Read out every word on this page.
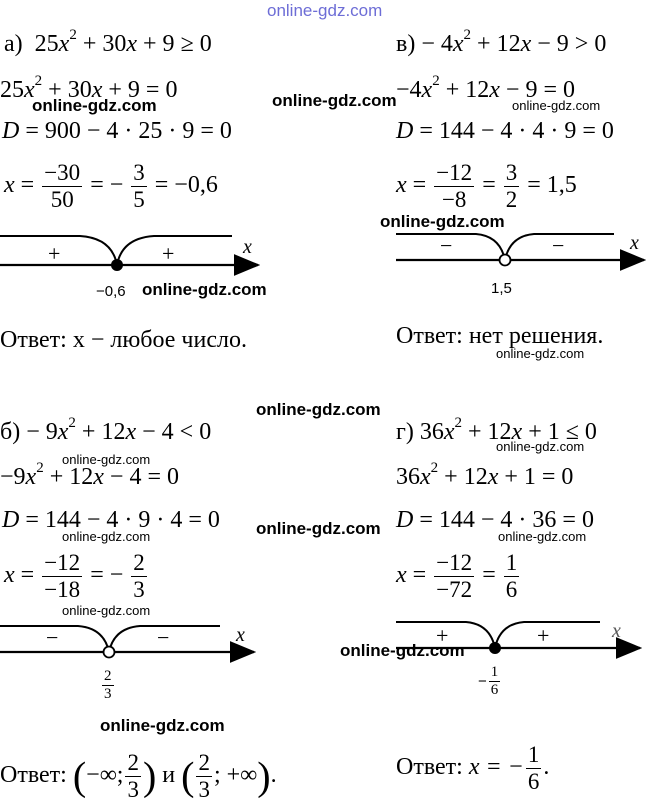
online-gdz.com
а)  $25x^2 + 30x + 9 \ge 0$
$25x^2 + 30x + 9 = 0$
D = 900 − 4 · 25 · 9 = 0
$x = \frac{-30}{50}$ = − $\frac{3}{5} = -0,6$
+	+	x
−0,6
Ответ: x − любое число.
$в) - 4x^2 + 12x - 9 > 0$
$-4x^2 + 12x - 9 = 0$
D = 144 − 4 · 4 · 9 = 0
$x = \frac{-12}{-8} = \frac{3}{2} = 1,5$
−	−	x
1,5
Ответ: нет решения.
$б) - 9x^2 + 12x - 4 < 0$
$-9x^2 + 12x - 4 = 0$
D = 144 − 4 · 9 · 4 = 0
$x = \frac{-12}{-18}$ = − $\frac{2}{3}$
−	−	x
$\frac{2}{3}$
Ответ: (−∞; $\frac{2}{3}$ ) и ( $\frac{2}{3}$ ; +∞).
г) $36x^2 + 12x + 1 \le 0$
$36x^2 + 12x + 1 = 0$
D = 144 − 4 · 36 = 0
$x = \frac{-12}{-72} = \frac{1}{6}$
+	+	x
− $\frac{1}{6}$
Ответ: x = − $\frac{1}{6}$ .
online-gdz.com	online-gdz.com	online-gdz.com
online-gdz.com
online-gdz.com
online-gdz.com
online-gdz.com
online-gdz.com
online-gdz.com
online-gdz.com
online-gdz.com	online-gdz.com
online-gdz.com
online-gdz.com
online-gdz.com
